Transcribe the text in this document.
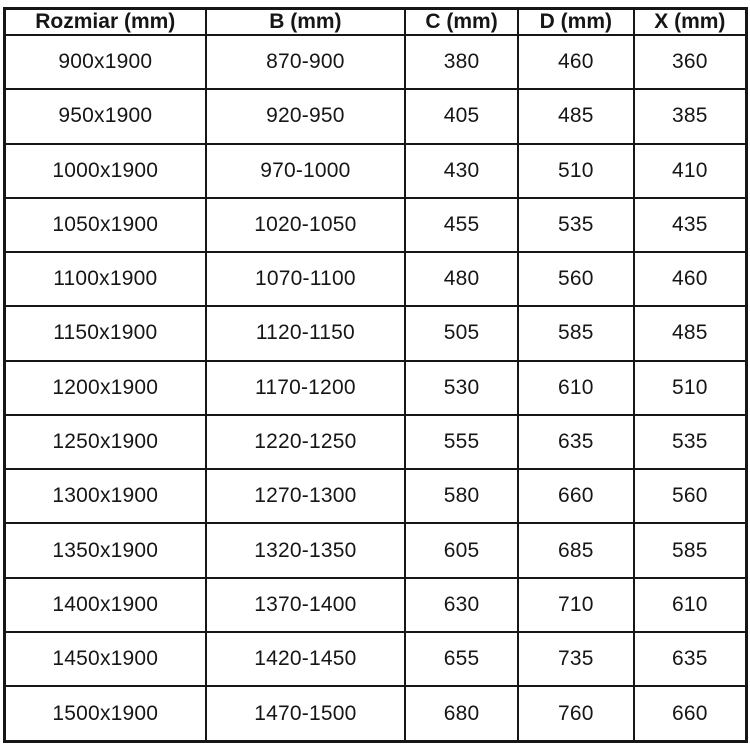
Rozmiar (mm)	B (mm)	C (mm)	D (mm)	X (mm)
900x1900	870-900	380	460	360
950x1900	920-950	405	485	385
1000x1900	970-1000	430	510	410
1050x1900	1020-1050	455	535	435
1100x1900	1070-1100	480	560	460
1150x1900	1120-1150	505	585	485
1200x1900	1170-1200	530	610	510
1250x1900	1220-1250	555	635	535
1300x1900	1270-1300	580	660	560
1350x1900	1320-1350	605	685	585
1400x1900	1370-1400	630	710	610
1450x1900	1420-1450	655	735	635
1500x1900	1470-1500	680	760	660
